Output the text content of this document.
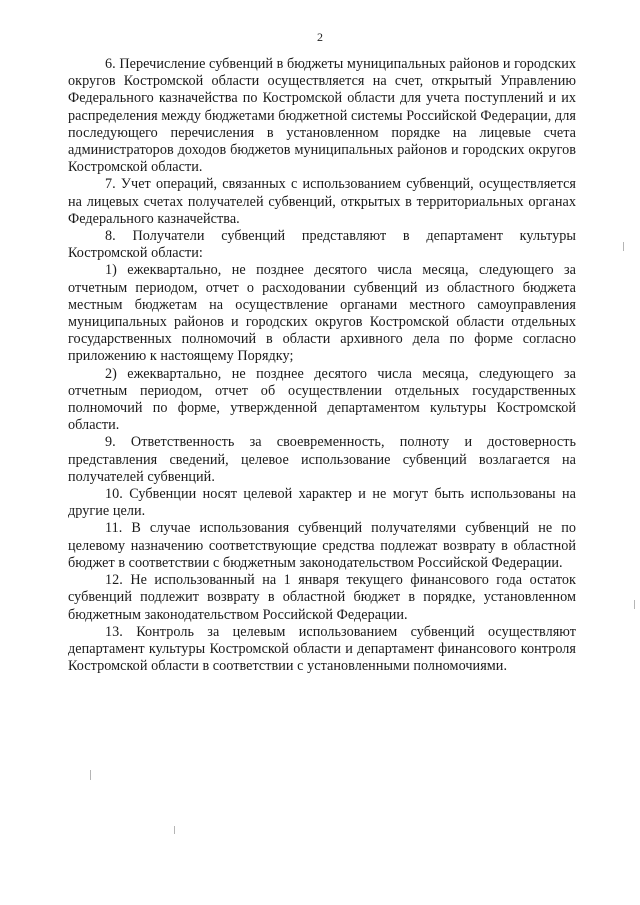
2

6. Перечисление субвенций в бюджеты муниципальных районов и городских округов Костромской области осуществляется на счет, открытый Управлению Федерального казначейства по Костромской области для учета поступлений и их распределения между бюджетами бюджетной системы Российской Федерации, для последующего перечисления в установленном порядке на лицевые счета администраторов доходов бюджетов муниципальных районов и городских округов Костромской области.

7. Учет операций, связанных с использованием субвенций, осуществляется на лицевых счетах получателей субвенций, открытых в территориальных органах Федерального казначейства.

8. Получатели субвенций представляют в департамент культуры Костромской области:

1) ежеквартально, не позднее десятого числа месяца, следующего за отчетным периодом, отчет о расходовании субвенций из областного бюджета местным бюджетам на осуществление органами местного самоуправления муниципальных районов и городских округов Костромской области отдельных государственных полномочий в области архивного дела по форме согласно приложению к настоящему Порядку;

2) ежеквартально, не позднее десятого числа месяца, следующего за отчетным периодом, отчет об осуществлении отдельных государственных полномочий по форме, утвержденной департаментом культуры Костромской области.

9. Ответственность за своевременность, полноту и достоверность представления сведений, целевое использование субвенций возлагается на получателей субвенций.

10. Субвенции носят целевой характер и не могут быть использованы на другие цели.

11. В случае использования субвенций получателями субвенций не по целевому назначению соответствующие средства подлежат возврату в областной бюджет в соответствии с бюджетным законодательством Российской Федерации.

12. Не использованный на 1 января текущего финансового года остаток субвенций подлежит возврату в областной бюджет в порядке, установленном бюджетным законодательством Российской Федерации.

13. Контроль за целевым использованием субвенций осуществляют департамент культуры Костромской области и департамент финансового контроля Костромской области в соответствии с установленными полномочиями.
